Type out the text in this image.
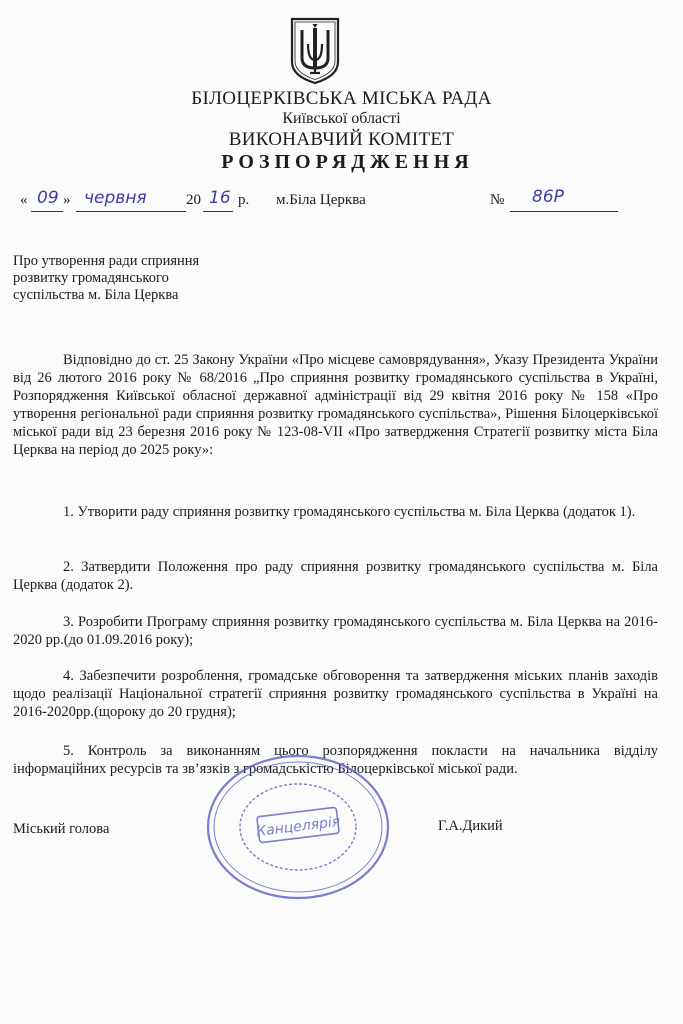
БІЛОЦЕРКІВСЬКА МІСЬКА РАДА
Київської області
ВИКОНАВЧИЙ КОМІТЕТ
РОЗПОРЯДЖЕННЯ
« 09 » червня	20 16 р. м.Біла Церква	№ 86Р
Про утворення ради сприяння
розвитку громадянського
суспільства м. Біла Церква
Відповідно до ст. 25 Закону України «Про місцеве самоврядування», Указу Президента України від 26 лютого 2016 року № 68/2016 „Про сприяння розвитку громадянського суспільства в Україні, Розпорядження Київської обласної державної адміністрації від 29 квітня 2016 року № 158 «Про утворення регіональної ради сприяння розвитку громадянського суспільства», Рішення Білоцерківської міської ради від 23 березня 2016 року № 123-08-VII «Про затвердження Стратегії розвитку міста Біла Церква на період до 2025 року»:
1. Утворити раду сприяння розвитку громадянського суспільства м. Біла Церква (додаток 1).
2. Затвердити Положення про раду сприяння розвитку громадянського суспільства м. Біла Церква (додаток 2).
3. Розробити Програму сприяння розвитку громадянського суспільства м. Біла Церква на 2016-2020 рр.(до 01.09.2016 року);
4. Забезпечити розроблення, громадське обговорення та затвердження міських планів заходів щодо реалізації Національної стратегії сприяння розвитку громадянського суспільства в Україні на 2016-2020рр.(щороку до 20 грудня);
5. Контроль за виконанням цього розпорядження покласти на начальника відділу інформаційних ресурсів та зв’язків з громадськістю Білоцерківської міської ради.
Канцелярія
Міський голова	Г.А.Дикий
